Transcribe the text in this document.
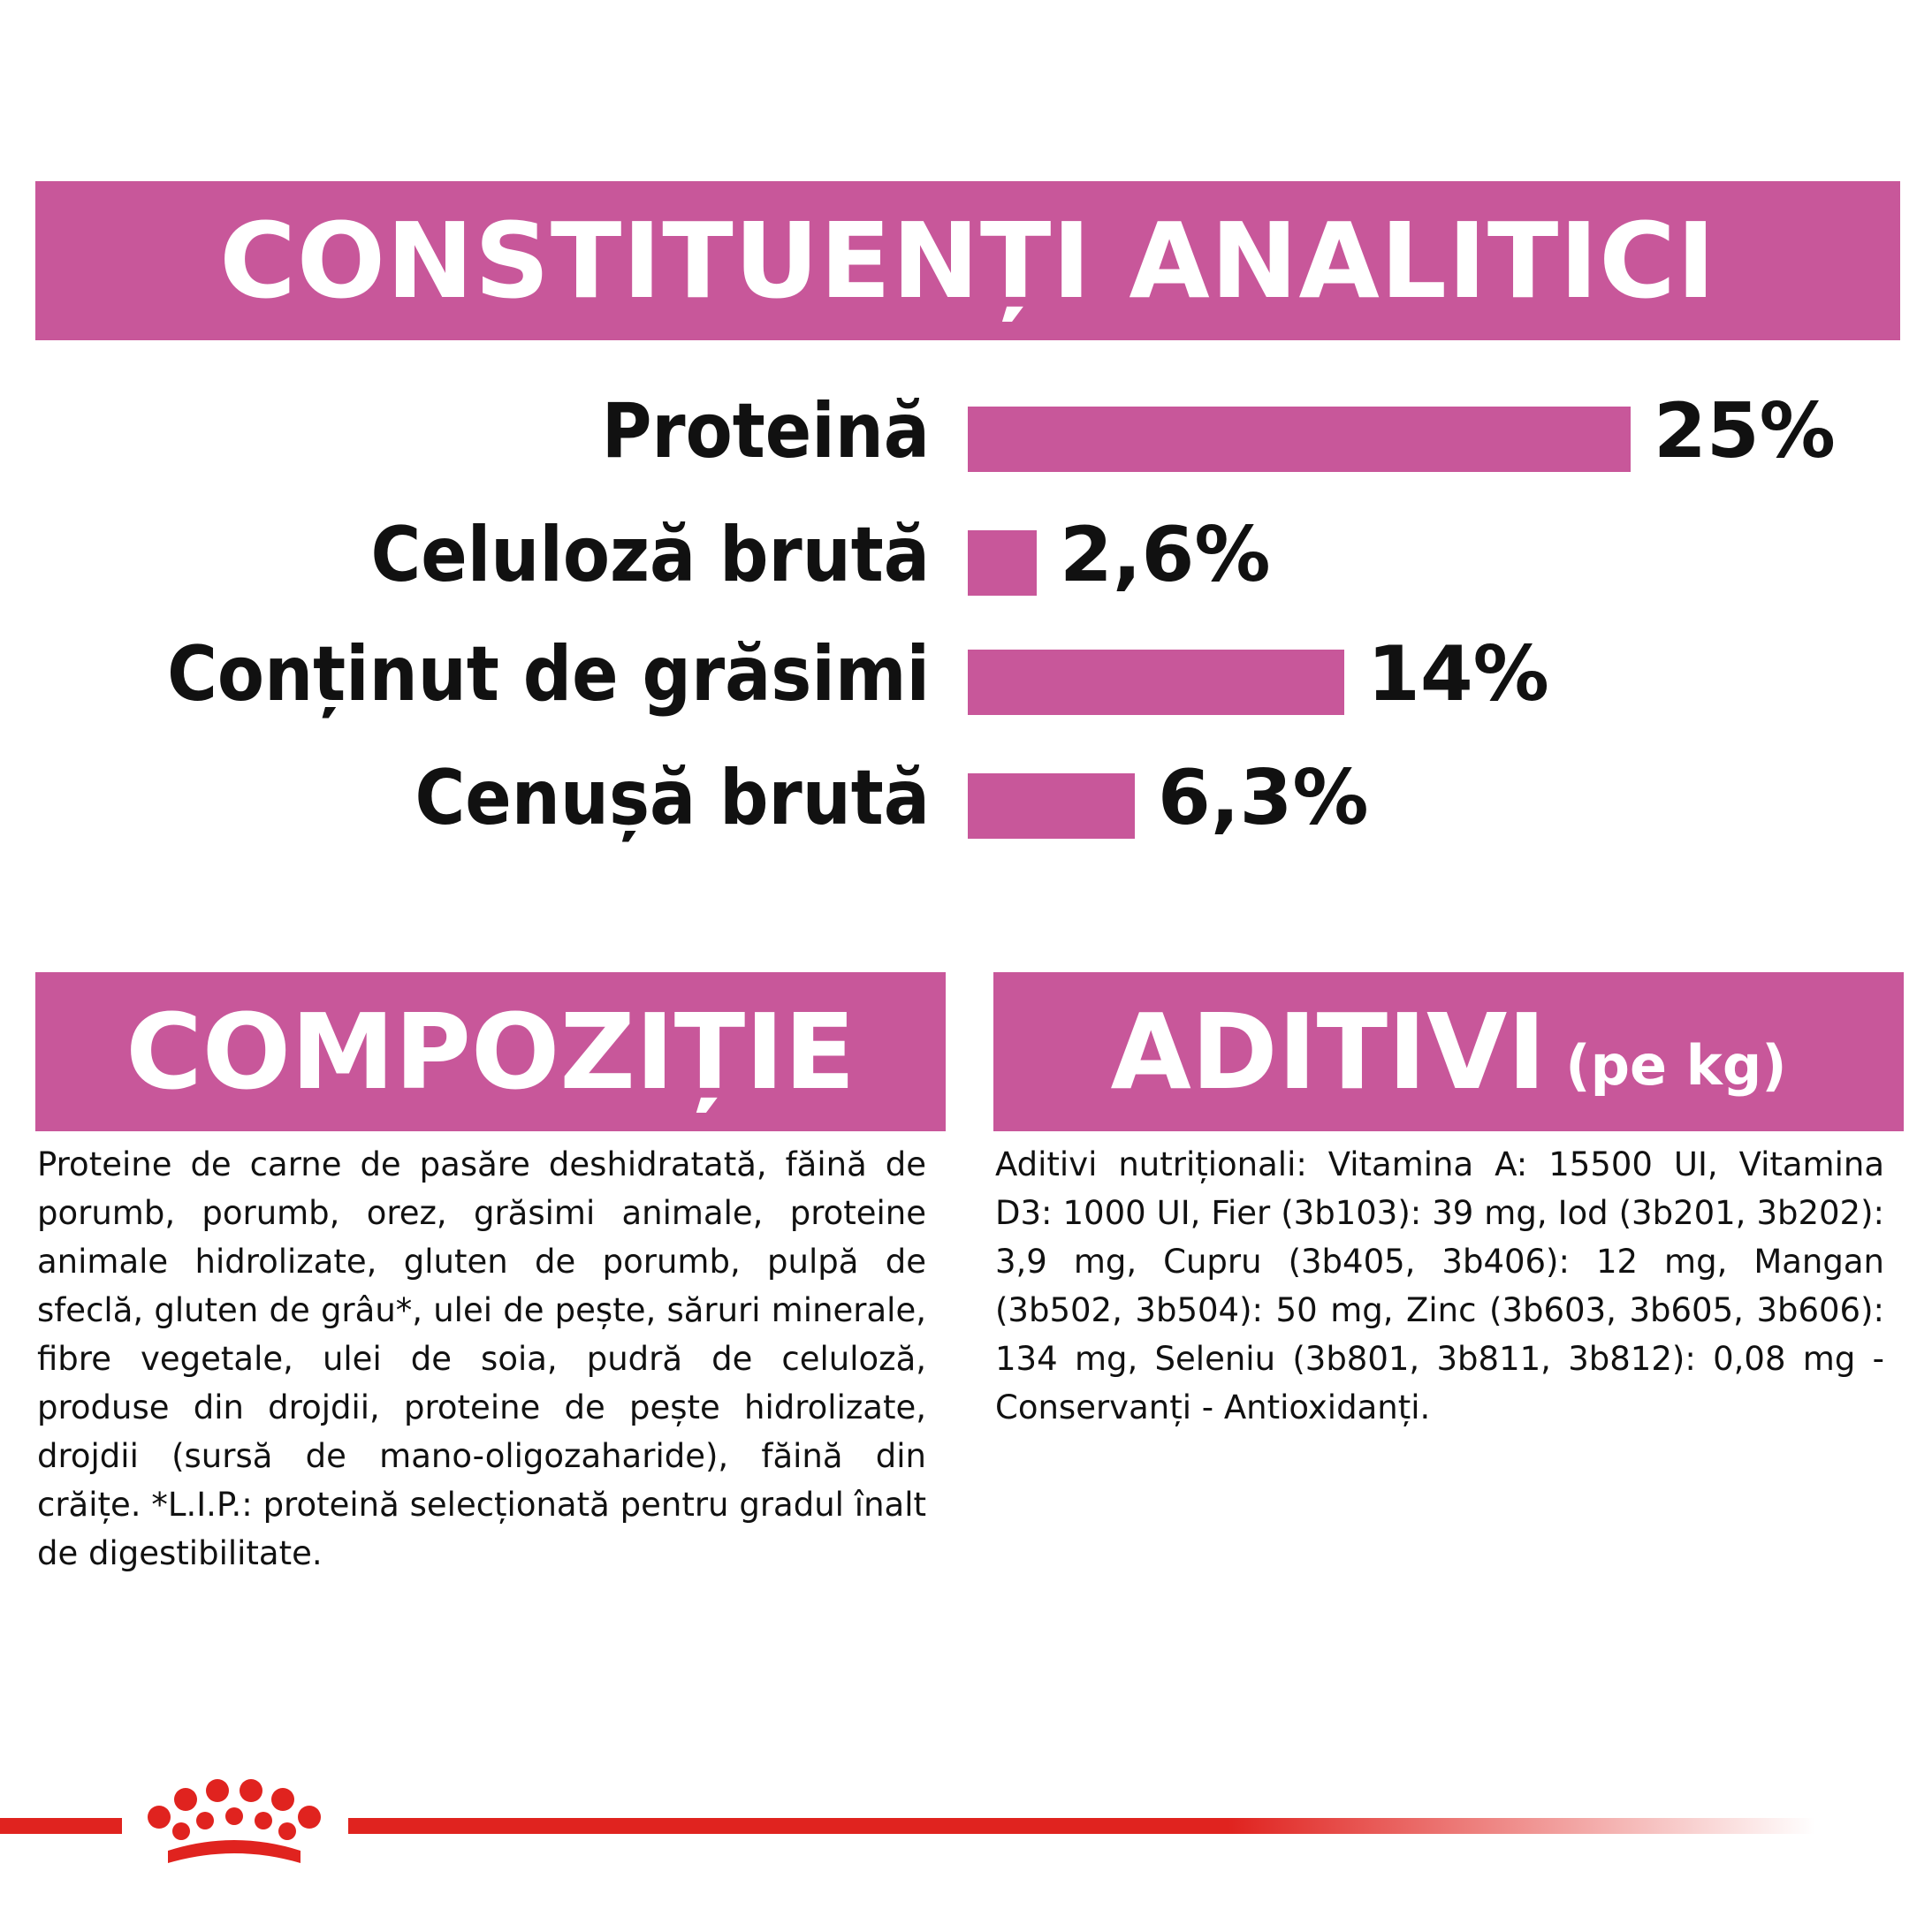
CONSTITUENȚI ANALITICI
Proteină	25%
Celuloză brută 2,6%
Conținut de grăsimi	14%
Cenușă brută	6,3%
COMPOZIȚIE
Proteine de carne de pasăre deshidratată, făină de porumb, porumb, orez, grăsimi animale, proteine animale hidrolizate, gluten de porumb, pulpă de sfeclă, gluten de grâu*, ulei de pește, săruri minerale, fibre vegetale, ulei de soia, pudră de celuloză, produse din drojdii, proteine de pește hidrolizate, drojdii (sursă de mano-oligozaharide), făină din crăițe. *L.I.P.: proteină selecționată pentru gradul înalt de digestibilitate.
ADITIVI (pe kg)
Aditivi nutriționali: Vitamina A: 15500 UI, Vitamina D3: 1000 UI, Fier (3b103): 39 mg, Iod (3b201, 3b202): 3,9 mg, Cupru (3b405, 3b406): 12 mg, Mangan (3b502, 3b504): 50 mg, Zinc (3b603, 3b605, 3b606): 134 mg, Seleniu (3b801, 3b811, 3b812): 0,08 mg - Conservanți - Antioxidanți.
